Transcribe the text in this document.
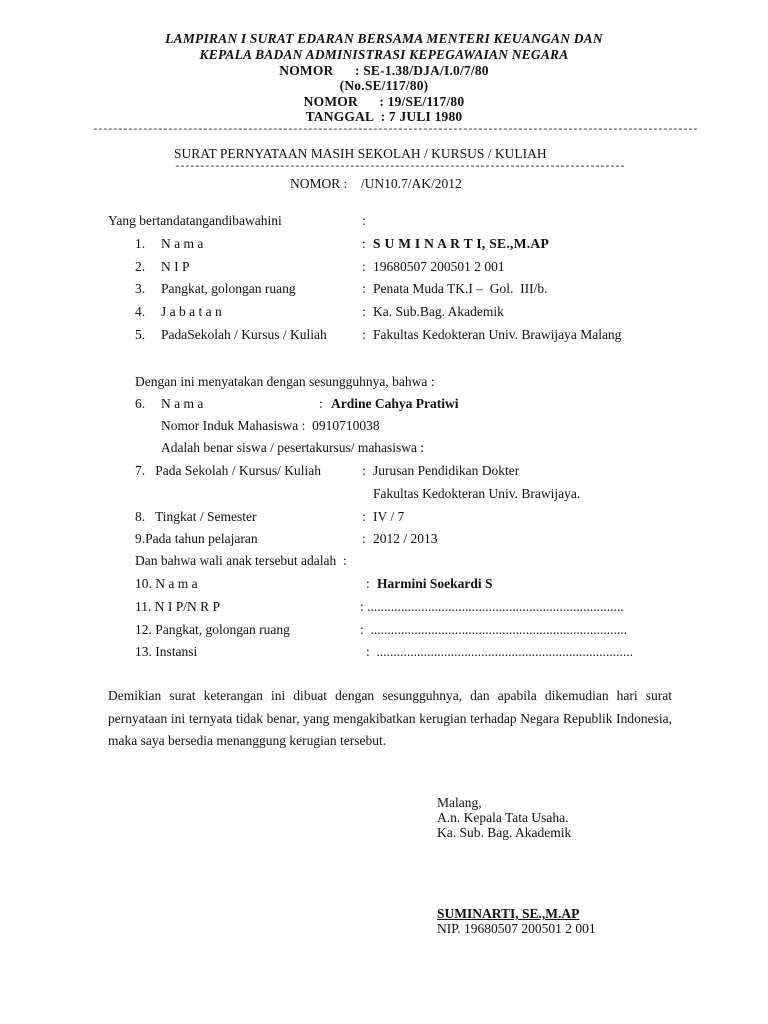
LAMPIRAN I SURAT EDARAN BERSAMA MENTERI KEUANGAN DAN
KEPALA BADAN ADMINISTRASI KEPEGAWAIAN NEGARA
NOMOR      : SE-1.38/DJA/I.0/7/80
(No.SE/117/80)
NOMOR      : 19/SE/117/80
TANGGAL  : 7 JULI 1980
-------------------------------------------------------------------------------------------------------------------------
SURAT PERNYATAAN MASIH SEKOLAH / KURSUS / KULIAH
------------------------------------------------------------------------------------------
NOMOR :    /UN10.7/AK/2012
Yang bertandatangandibawahini	:
1. N a m a	: S U M I N A R T I, SE.,M.AP
2. N I P	: 19680507 200501 2 001
3. Pangkat, golongan ruang	: Penata Muda TK.I –  Gol.  III/b.
4. J a b a t a n	: Ka. Sub.Bag. Akademik
5. PadaSekolah / Kursus / Kuliah	: Fakultas Kedokteran Univ. Brawijaya Malang
Dengan ini menyatakan dengan sesungguhnya, bahwa :
6. N a m a	: Ardine Cahya Pratiwi
Nomor Induk Mahasiswa :  0910710038
Adalah benar siswa / pesertakursus/ mahasiswa :
7.   Pada Sekolah / Kursus/ Kuliah	: Jurusan Pendidikan Dokter
Fakultas Kedokteran Univ. Brawijaya.
8.   Tingkat / Semester	: IV / 7
9.Pada tahun pelajaran	: 2012 / 2013
Dan bahwa wali anak tersebut adalah  :
10. N a m a	: Harmini Soekardi S
11. N I P/N R P	: ............................................................................
12. Pangkat, golongan ruang	:  ............................................................................
13. Instansi	:  ............................................................................
Demikian surat keterangan ini dibuat dengan sesungguhnya, dan apabila dikemudian hari surat pernyataan ini ternyata tidak benar, yang mengakibatkan kerugian terhadap Negara Republik Indonesia, maka saya bersedia menanggung kerugian tersebut.
Malang,
A.n. Kepala Tata Usaha.
Ka. Sub. Bag. Akademik
SUMINARTI, SE.,M.AP
NIP. 19680507 200501 2 001
